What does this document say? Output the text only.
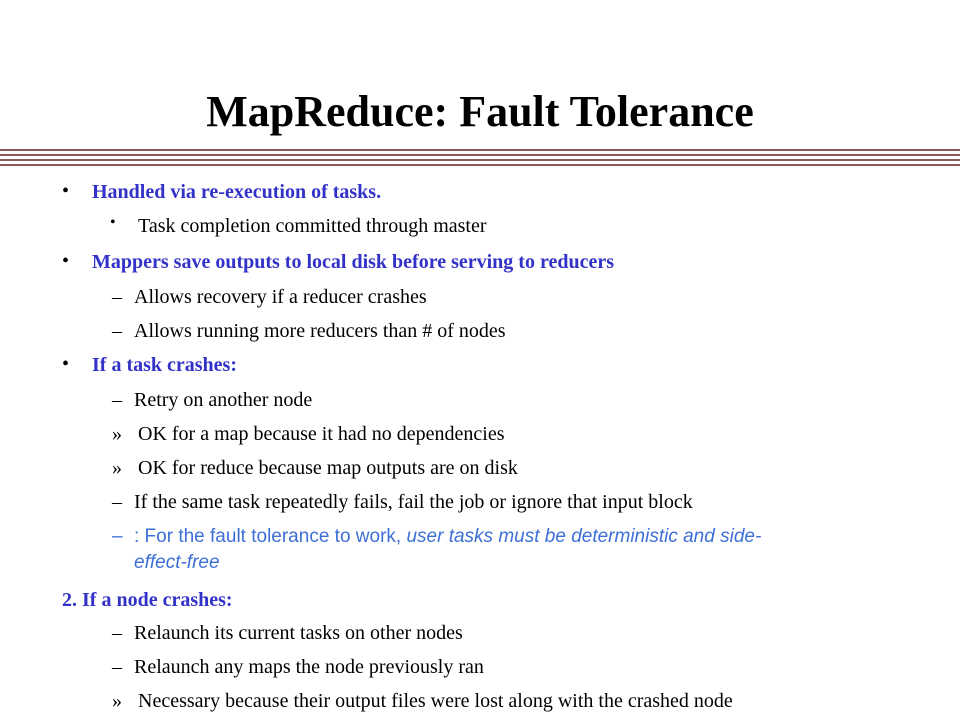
MapReduce: Fault Tolerance
• Handled via re-execution of tasks.
• Task completion committed through master
• Mappers save outputs to local disk before serving to reducers
– Allows recovery if a reducer crashes
– Allows running more reducers than # of nodes
• If a task crashes:
– Retry on another node
» OK for a map because it had no dependencies
» OK for reduce because map outputs are on disk
– If the same task repeatedly fails, fail the job or ignore that input block
– : For the fault tolerance to work, user tasks must be deterministic and side-
effect-free
2. If a node crashes:
– Relaunch its current tasks on other nodes
– Relaunch any maps the node previously ran
» Necessary because their output files were lost along with the crashed node
